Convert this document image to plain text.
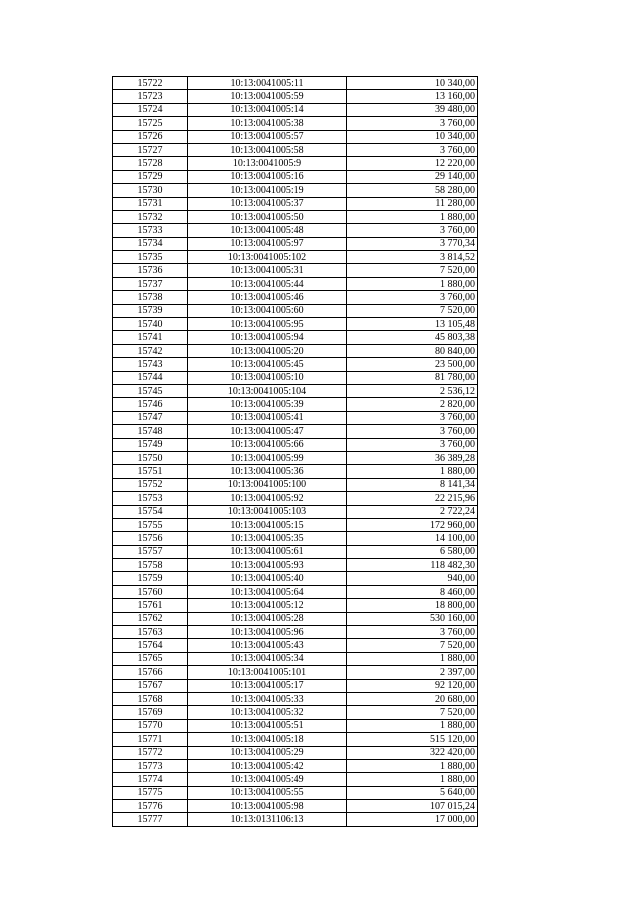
15722	10:13:0041005:11	10 340,00
15723	10:13:0041005:59	13 160,00
15724	10:13:0041005:14	39 480,00
15725	10:13:0041005:38	3 760,00
15726	10:13:0041005:57	10 340,00
15727	10:13:0041005:58	3 760,00
15728	10:13:0041005:9	12 220,00
15729	10:13:0041005:16	29 140,00
15730	10:13:0041005:19	58 280,00
15731	10:13:0041005:37	11 280,00
15732	10:13:0041005:50	1 880,00
15733	10:13:0041005:48	3 760,00
15734	10:13:0041005:97	3 770,34
15735	10:13:0041005:102	3 814,52
15736	10:13:0041005:31	7 520,00
15737	10:13:0041005:44	1 880,00
15738	10:13:0041005:46	3 760,00
15739	10:13:0041005:60	7 520,00
15740	10:13:0041005:95	13 105,48
15741	10:13:0041005:94	45 803,38
15742	10:13:0041005:20	80 840,00
15743	10:13:0041005:45	23 500,00
15744	10:13:0041005:10	81 780,00
15745	10:13:0041005:104	2 536,12
15746	10:13:0041005:39	2 820,00
15747	10:13:0041005:41	3 760,00
15748	10:13:0041005:47	3 760,00
15749	10:13:0041005:66	3 760,00
15750	10:13:0041005:99	36 389,28
15751	10:13:0041005:36	1 880,00
15752	10:13:0041005:100	8 141,34
15753	10:13:0041005:92	22 215,96
15754	10:13:0041005:103	2 722,24
15755	10:13:0041005:15	172 960,00
15756	10:13:0041005:35	14 100,00
15757	10:13:0041005:61	6 580,00
15758	10:13:0041005:93	118 482,30
15759	10:13:0041005:40	940,00
15760	10:13:0041005:64	8 460,00
15761	10:13:0041005:12	18 800,00
15762	10:13:0041005:28	530 160,00
15763	10:13:0041005:96	3 760,00
15764	10:13:0041005:43	7 520,00
15765	10:13:0041005:34	1 880,00
15766	10:13:0041005:101	2 397,00
15767	10:13:0041005:17	92 120,00
15768	10:13:0041005:33	20 680,00
15769	10:13:0041005:32	7 520,00
15770	10:13:0041005:51	1 880,00
15771	10:13:0041005:18	515 120,00
15772	10:13:0041005:29	322 420,00
15773	10:13:0041005:42	1 880,00
15774	10:13:0041005:49	1 880,00
15775	10:13:0041005:55	5 640,00
15776	10:13:0041005:98	107 015,24
15777	10:13:0131106:13	17 000,00
